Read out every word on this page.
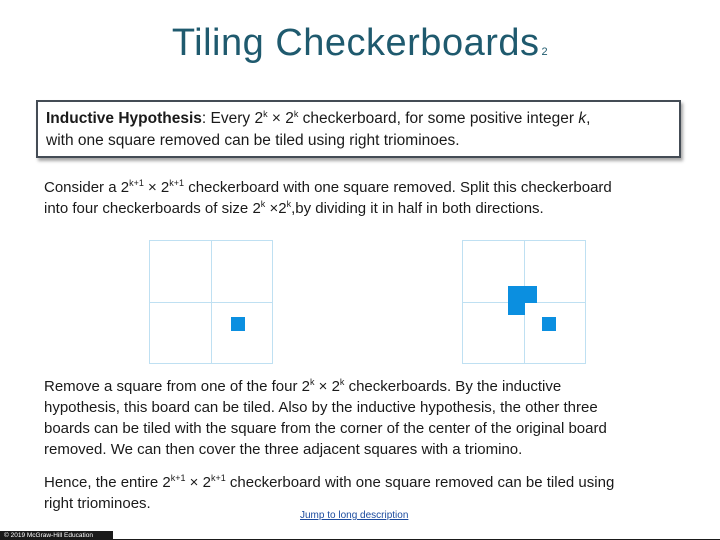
Tiling Checkerboards 2
Inductive Hypothesis: Every $2^k \times 2^k$ checkerboard, for some positive integer k,
with one square removed can be tiled using right triominoes.
Consider a $2^{k+1} \times 2^{k+1}$ checkerboard with one square removed. Split this checkerboard
into four checkerboards of size $2^k \times 2^k,by$ dividing it in half in both directions.
Remove a square from one of the four $2^k \times 2^k$ checkerboards. By the inductive
hypothesis, this board can be tiled. Also by the inductive hypothesis, the other three
boards can be tiled with the square from the corner of the center of the original board
removed. We can then cover the three adjacent squares with a triomino.
Hence, the entire $2^{k+1} \times 2^{k+1}$ checkerboard with one square removed can be tiled using
right triominoes.
Jump to long description
© 2019 McGraw-Hill Education
